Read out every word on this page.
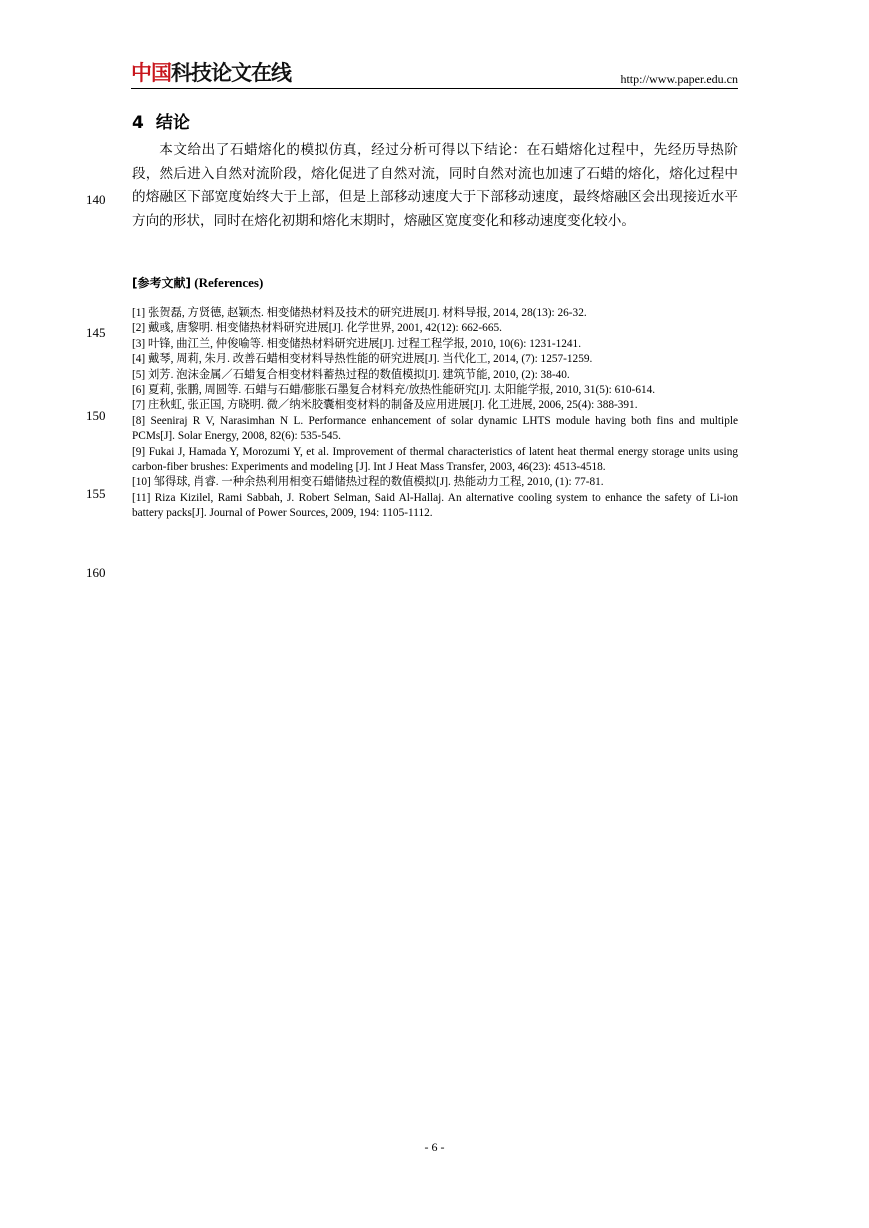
中国科技论文在线	http://www.paper.edu.cn
4 结论

本文给出了石蜡熔化的模拟仿真，经过分析可得以下结论：在石蜡熔化过程中，先经历导热阶段，然后进入自然对流阶段，熔化促进了自然对流，同时自然对流也加速了石蜡的熔化，熔化过程中的熔融区下部宽度始终大于上部，但是上部移动速度大于下部移动速度，最终熔融区会出现接近水平方向的形状，同时在熔化初期和熔化末期时，熔融区宽度变化和移动速度变化较小。

[参考文献] (References)

[1] 张贺磊, 方贤德, 赵颖杰. 相变储热材料及技术的研究进展[J]. 材料导报, 2014, 28(13): 26-32.

[2] 戴彧, 唐黎明. 相变储热材料研究进展[J]. 化学世界, 2001, 42(12): 662-665.

[3] 叶锋, 曲江兰, 仲俊喻等. 相变储热材料研究进展[J]. 过程工程学报, 2010, 10(6): 1231-1241.

[4] 戴琴, 周莉, 朱月. 改善石蜡相变材料导热性能的研究进展[J]. 当代化工, 2014, (7): 1257-1259.

[5] 刘芳. 泡沫金属／石蜡复合相变材料蓄热过程的数值模拟[J]. 建筑节能, 2010, (2): 38-40.

[6] 夏莉, 张鹏, 周圆等. 石蜡与石蜡/膨胀石墨复合材料充/放热性能研究[J]. 太阳能学报, 2010, 31(5): 610-614.

[7] 庄秋虹, 张正国, 方晓明. 微／纳米胶囊相变材料的制备及应用进展[J]. 化工进展, 2006, 25(4): 388-391.

[8] Seeniraj R V, Narasimhan N L. Performance enhancement of solar dynamic LHTS module having both fins and multiple PCMs[J]. Solar Energy, 2008, 82(6): 535-545.

[9] Fukai J, Hamada Y, Morozumi Y, et al. Improvement of thermal characteristics of latent heat thermal energy storage units using carbon-fiber brushes: Experiments and modeling [J]. Int J Heat Mass Transfer, 2003, 46(23): 4513-4518.

[10] 邹得球, 肖睿. 一种余热利用相变石蜡储热过程的数值模拟[J]. 热能动力工程, 2010, (1): 77-81.

[11] Riza Kizilel, Rami Sabbah, J. Robert Selman, Said Al-Hallaj. An alternative cooling system to enhance the safety of Li-ion battery packs[J]. Journal of Power Sources, 2009, 194: 1105-1112.

140
145
150
155
160
- 6 -
